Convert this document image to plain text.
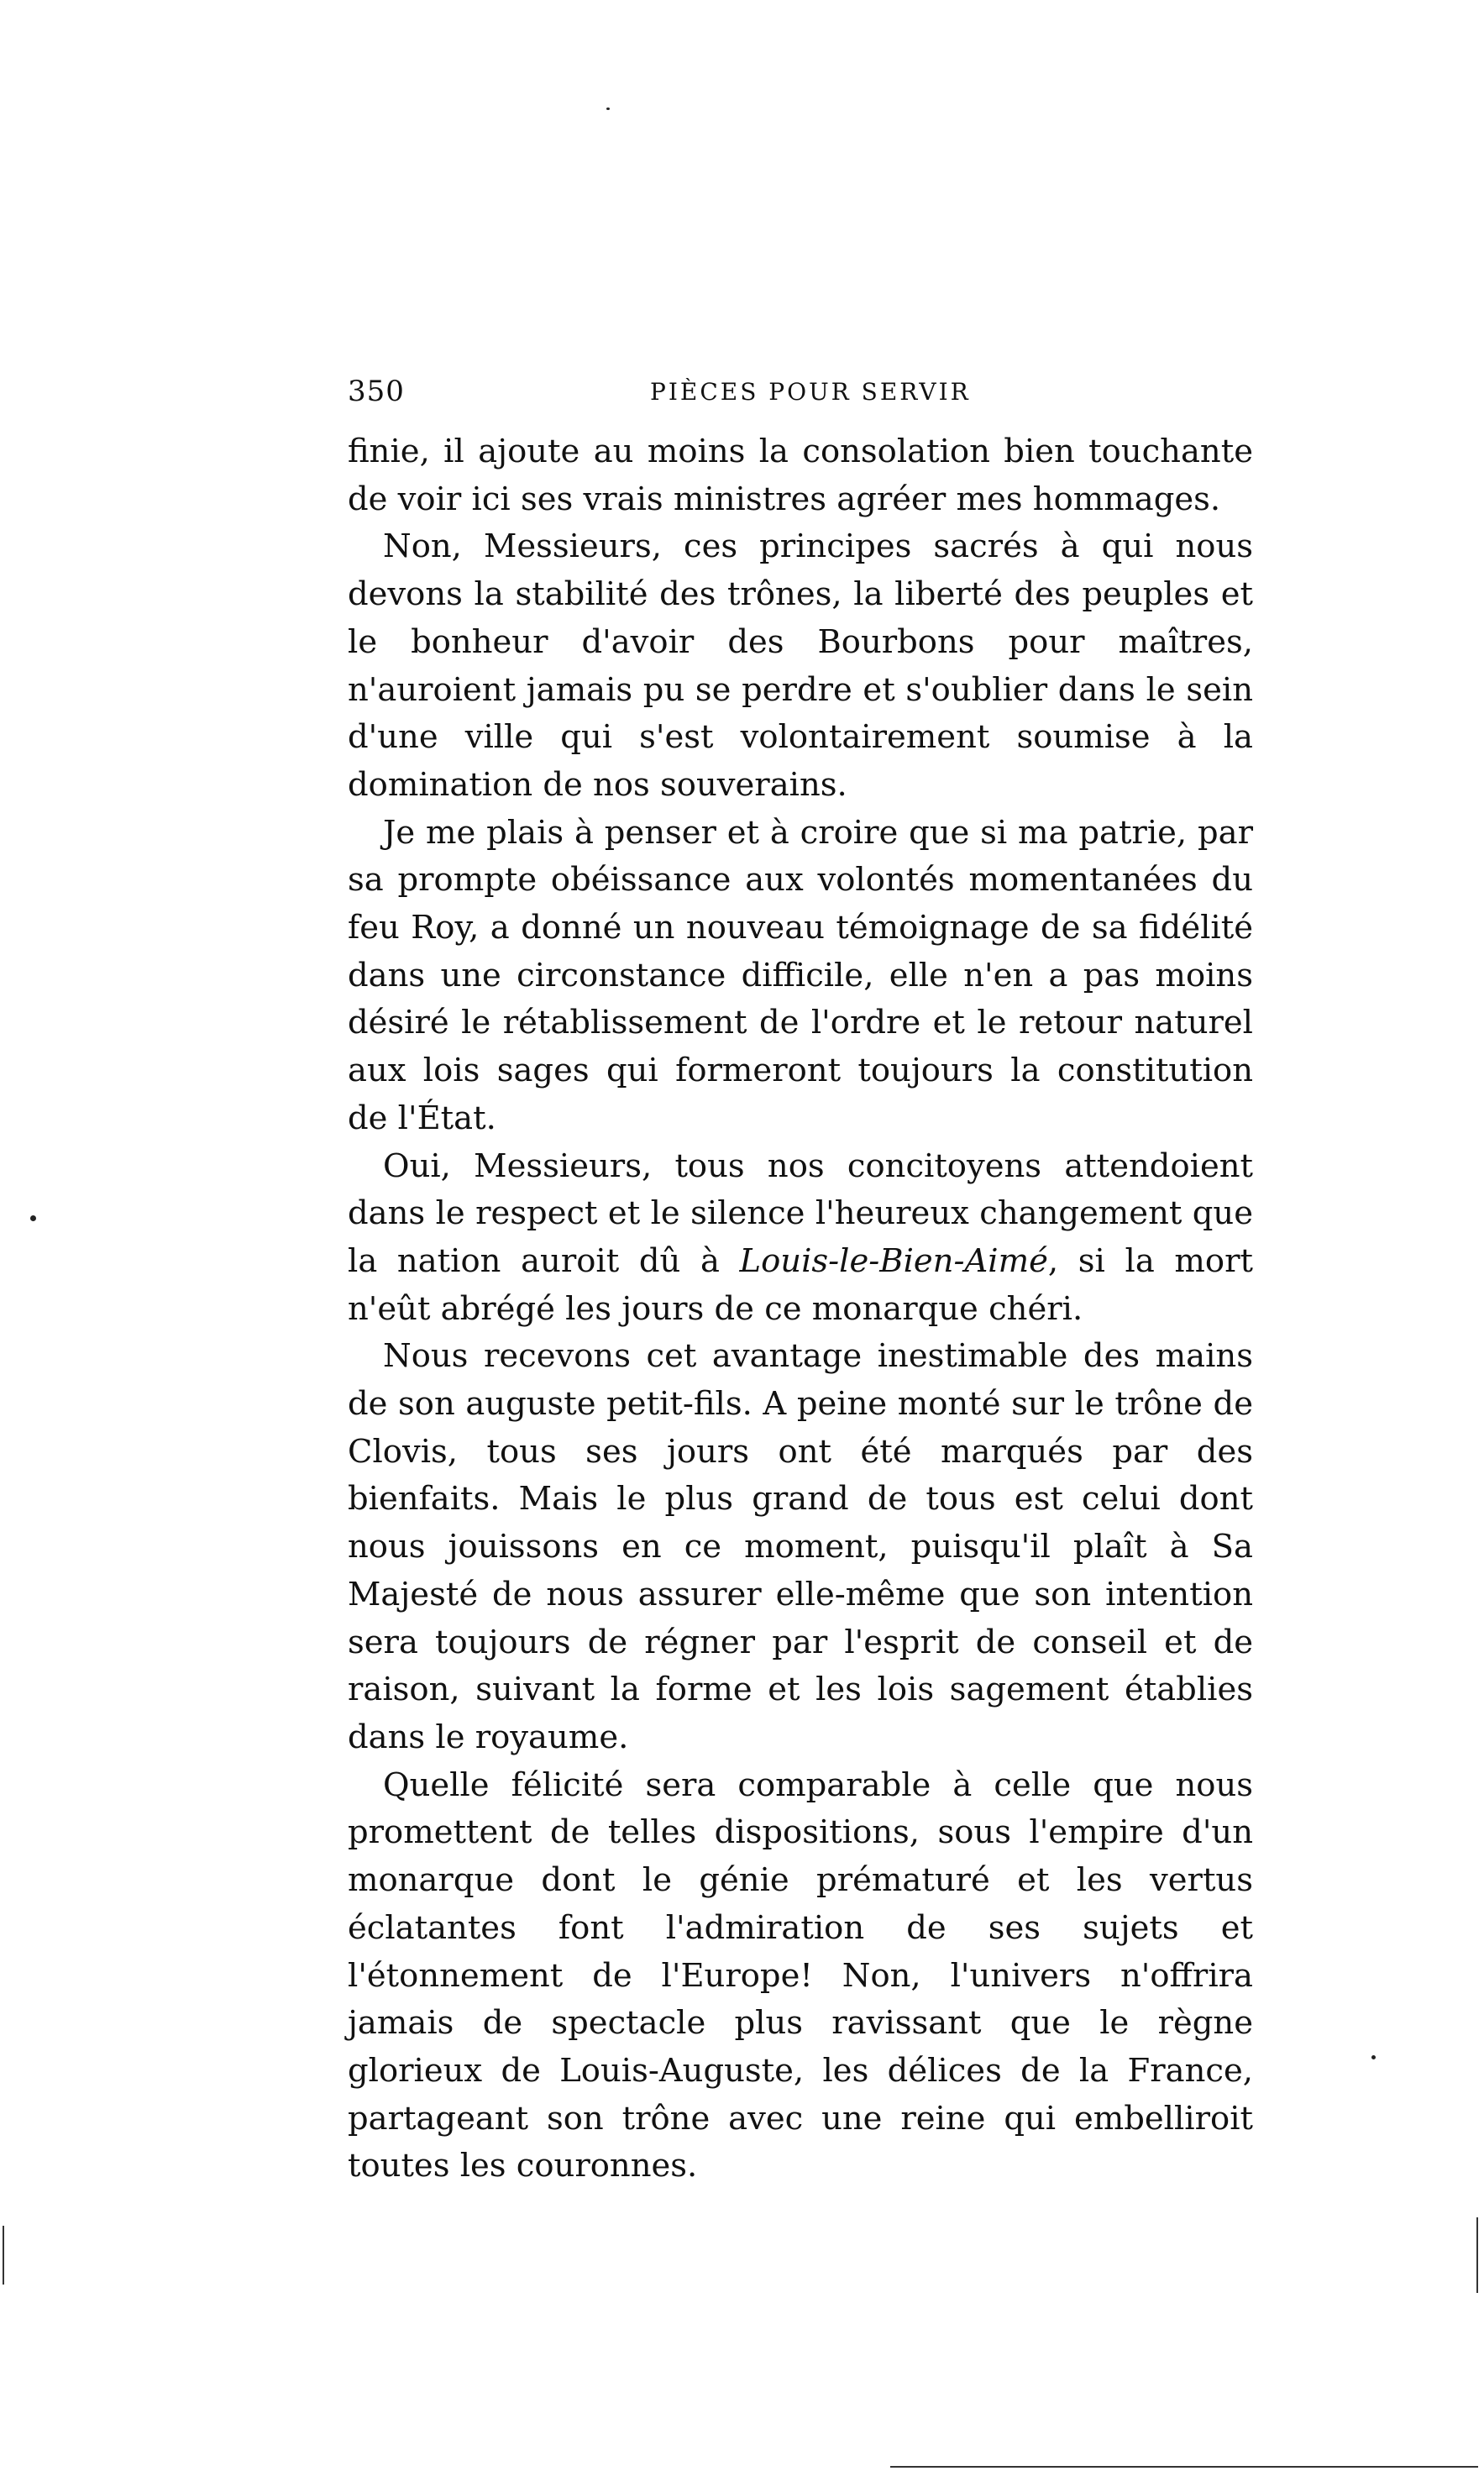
350	PIÈCES POUR SERVIR

finie, il ajoute au moins la consolation bien touchante de voir ici ses vrais ministres agréer mes hommages.

Non, Messieurs, ces principes sacrés à qui nous devons la stabilité des trônes, la liberté des peuples et le bonheur d'avoir des Bourbons pour maîtres, n'auroient jamais pu se perdre et s'oublier dans le sein d'une ville qui s'est volontairement soumise à la domination de nos souverains.

Je me plais à penser et à croire que si ma patrie, par sa prompte obéissance aux volontés momentanées du feu Roy, a donné un nouveau témoignage de sa fidélité dans une circonstance difficile, elle n'en a pas moins désiré le rétablissement de l'ordre et le retour naturel aux lois sages qui formeront toujours la constitution de l'État.

Oui, Messieurs, tous nos concitoyens attendoient dans le respect et le silence l'heureux changement que la nation auroit dû à Louis-le-Bien-Aimé, si la mort n'eût abrégé les jours de ce monarque chéri.

Nous recevons cet avantage inestimable des mains de son auguste petit-fils. A peine monté sur le trône de Clovis, tous ses jours ont été marqués par des bienfaits. Mais le plus grand de tous est celui dont nous jouissons en ce moment, puisqu'il plaît à Sa Majesté de nous assurer elle-même que son intention sera toujours de régner par l'esprit de conseil et de raison, suivant la forme et les lois sagement établies dans le royaume.

Quelle félicité sera comparable à celle que nous promettent de telles dispositions, sous l'empire d'un monarque dont le génie prématuré et les vertus éclatantes font l'admiration de ses sujets et l'étonnement de l'Europe! Non, l'univers n'offrira jamais de spectacle plus ravissant que le règne glorieux de Louis-Auguste, les délices de la France, partageant son trône avec une reine qui embelliroit toutes les couronnes.
